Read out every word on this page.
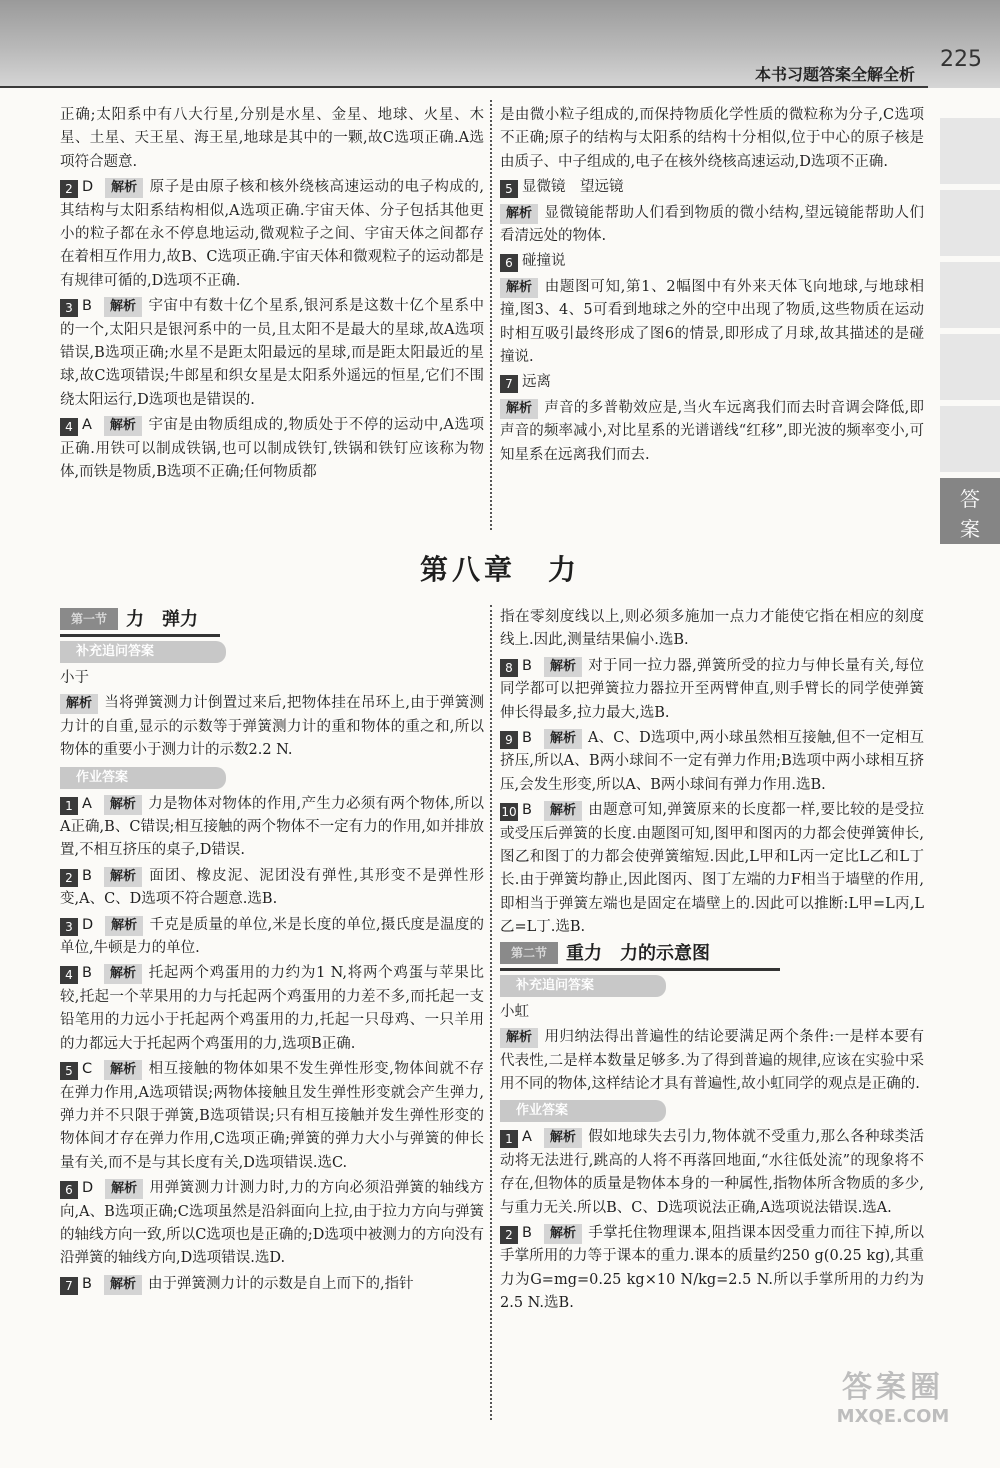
本书习题答案全解全析
225
答
案

正确;太阳系中有八大行星,分别是水星、金星、地球、火星、木星、土星、天王星、海王星,地球是其中的一颗,故C选项正确.A选项符合题意.

2 D 解析 原子是由原子核和核外绕核高速运动的电子构成的,其结构与太阳系结构相似,A选项正确.宇宙天体、分子包括其他更小的粒子都在永不停息地运动,微观粒子之间、宇宙天体之间都存在着相互作用力,故B、C选项正确.宇宙天体和微观粒子的运动都是有规律可循的,D选项不正确.

3 B 解析 宇宙中有数十亿个星系,银河系是这数十亿个星系中的一个,太阳只是银河系中的一员,且太阳不是最大的星球,故A选项错误,B选项正确;水星不是距太阳最远的星球,而是距太阳最近的星球,故C选项错误;牛郎星和织女星是太阳系外遥远的恒星,它们不围绕太阳运行,D选项也是错误的.

4 A 解析 宇宙是由物质组成的,物质处于不停的运动中,A选项正确.用铁可以制成铁锅,也可以制成铁钉,铁锅和铁钉应该称为物体,而铁是物质,B选项不正确;任何物质都

是由微小粒子组成的,而保持物质化学性质的微粒称为分子,C选项不正确;原子的结构与太阳系的结构十分相似,位于中心的原子核是由质子、中子组成的,电子在核外绕核高速运动,D选项不正确.

5 显微镜　望远镜

解析 显微镜能帮助人们看到物质的微小结构,望远镜能帮助人们看清远处的物体.

6 碰撞说

解析 由题图可知,第1、2幅图中有外来天体飞向地球,与地球相撞,图3、4、5可看到地球之外的空中出现了物质,这些物质在运动时相互吸引最终形成了图6的情景,即形成了月球,故其描述的是碰撞说.

7 远离

解析 声音的多普勒效应是,当火车远离我们而去时音调会降低,即声音的频率减小,对比星系的光谱谱线“红移”,即光波的频率变小,可知星系在远离我们而去.

第八章　力
第一节 力　弹力
补充追问答案

小于

解析 当将弹簧测力计倒置过来后,把物体挂在吊环上,由于弹簧测力计的自重,显示的示数等于弹簧测力计的重和物体的重之和,所以物体的重要小于测力计的示数2.2 N.

作业答案

1 A 解析 力是物体对物体的作用,产生力必须有两个物体,所以A正确,B、C错误;相互接触的两个物体不一定有力的作用,如并排放置,不相互挤压的桌子,D错误.

2 B 解析 面团、橡皮泥、泥团没有弹性,其形变不是弹性形变,A、C、D选项不符合题意.选B.

3 D 解析 千克是质量的单位,米是长度的单位,摄氏度是温度的单位,牛顿是力的单位.

4 B 解析 托起两个鸡蛋用的力约为1 N,将两个鸡蛋与苹果比较,托起一个苹果用的力与托起两个鸡蛋用的力差不多,而托起一支铅笔用的力远小于托起两个鸡蛋用的力,托起一只母鸡、一只羊用的力都远大于托起两个鸡蛋用的力,选项B正确.

5 C 解析 相互接触的物体如果不发生弹性形变,物体间就不存在弹力作用,A选项错误;两物体接触且发生弹性形变就会产生弹力,弹力并不只限于弹簧,B选项错误;只有相互接触并发生弹性形变的物体间才存在弹力作用,C选项正确;弹簧的弹力大小与弹簧的伸长量有关,而不是与其长度有关,D选项错误.选C.

6 D 解析 用弹簧测力计测力时,力的方向必须沿弹簧的轴线方向,A、B选项正确;C选项虽然是沿斜面向上拉,由于拉力方向与弹簧的轴线方向一致,所以C选项也是正确的;D选项中被测力的方向没有沿弹簧的轴线方向,D选项错误.选D.

7 B 解析 由于弹簧测力计的示数是自上而下的,指针

指在零刻度线以上,则必须多施加一点力才能使它指在相应的刻度线上.因此,测量结果偏小.选B.

8 B 解析 对于同一拉力器,弹簧所受的拉力与伸长量有关,每位同学都可以把弹簧拉力器拉开至两臂伸直,则手臂长的同学使弹簧伸长得最多,拉力最大,选B.

9 B 解析 A、C、D选项中,两小球虽然相互接触,但不一定相互挤压,所以A、B两小球间不一定有弹力作用;B选项中两小球相互挤压,会发生形变,所以A、B两小球间有弹力作用.选B.

10 B 解析 由题意可知,弹簧原来的长度都一样,要比较的是受拉或受压后弹簧的长度.由题图可知,图甲和图丙的力都会使弹簧伸长,图乙和图丁的力都会使弹簧缩短.因此,L甲和L丙一定比L乙和L丁长.由于弹簧均静止,因此图丙、图丁左端的力F相当于墙壁的作用,即相当于弹簧左端也是固定在墙壁上的.因此可以推断:L甲=L丙,L乙=L丁.选B.

第二节 重力　力的示意图
补充追问答案

小虹

解析 用归纳法得出普遍性的结论要满足两个条件:一是样本要有代表性,二是样本数量足够多.为了得到普遍的规律,应该在实验中采用不同的物体,这样结论才具有普遍性,故小虹同学的观点是正确的.

作业答案

1 A 解析 假如地球失去引力,物体就不受重力,那么各种球类活动将无法进行,跳高的人将不再落回地面,“水往低处流”的现象将不存在,但物体的质量是物体本身的一种属性,指物体所含物质的多少,与重力无关.所以B、C、D选项说法正确,A选项说法错误.选A.

2 B 解析 手掌托住物理课本,阻挡课本因受重力而往下掉,所以手掌所用的力等于课本的重力.课本的质量约250 g(0.25 kg),其重力为G=mg=0.25 kg×10 N/kg=2.5 N.所以手掌所用的力约为2.5 N.选B.

答案圈
MXQE.COM
